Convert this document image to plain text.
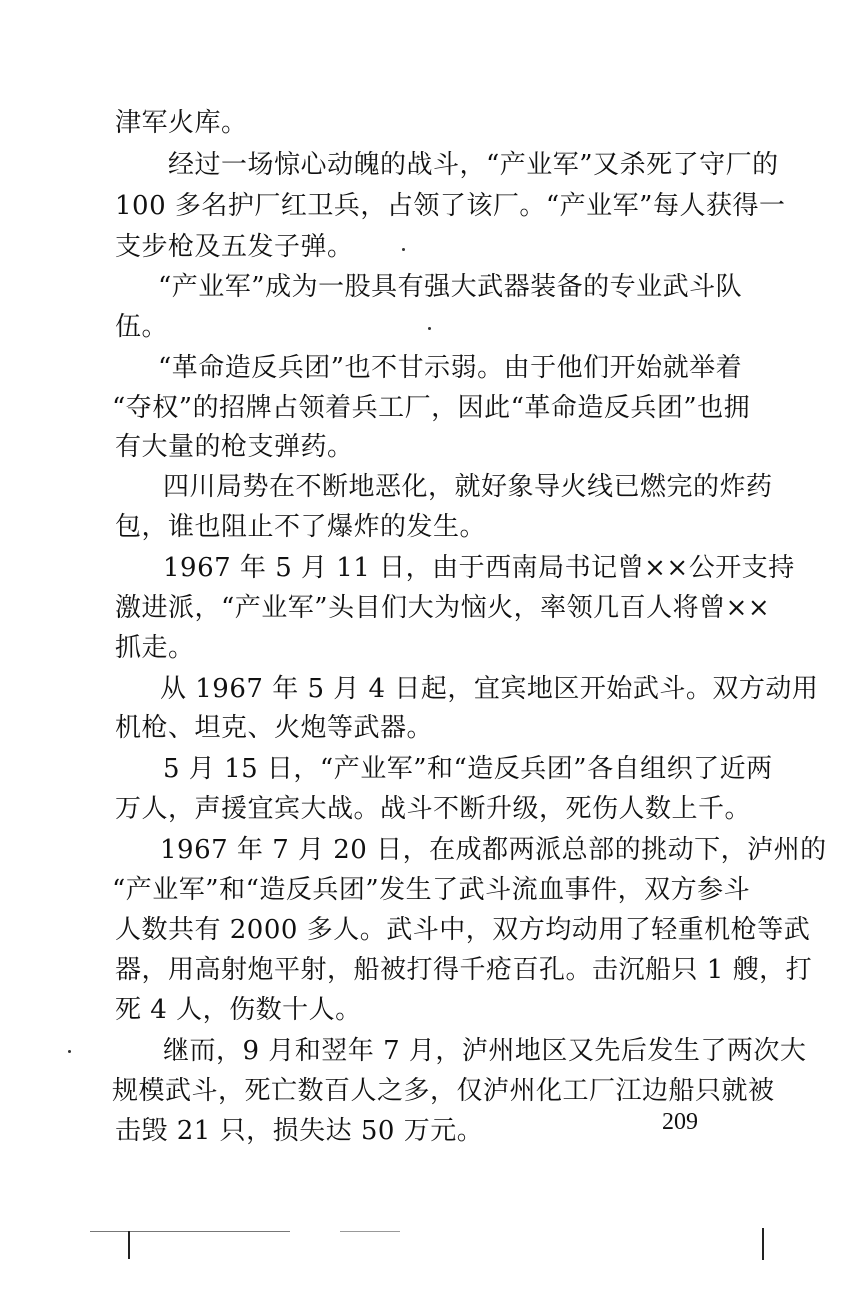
津军火库。
经过一场惊心动魄的战斗，“产业军”又杀死了守厂的
100 多名护厂红卫兵，占领了该厂。“产业军”每人获得一
支步枪及五发子弹。
“产业军”成为一股具有强大武器装备的专业武斗队
伍。
“革命造反兵团”也不甘示弱。由于他们开始就举着
“夺权”的招牌占领着兵工厂，因此“革命造反兵团”也拥
有大量的枪支弹药。
四川局势在不断地恶化，就好象导火线已燃完的炸药
包，谁也阻止不了爆炸的发生。
1967 年 5 月 11 日，由于西南局书记曾××公开支持
激进派，“产业军”头目们大为恼火，率领几百人将曾××
抓走。
从 1967 年 5 月 4 日起，宜宾地区开始武斗。双方动用
机枪、坦克、火炮等武器。
5 月 15 日，“产业军”和“造反兵团”各自组织了近两
万人，声援宜宾大战。战斗不断升级，死伤人数上千。
1967 年 7 月 20 日，在成都两派总部的挑动下，泸州的
“产业军”和“造反兵团”发生了武斗流血事件，双方参斗
人数共有 2000 多人。武斗中，双方均动用了轻重机枪等武
器，用高射炮平射，船被打得千疮百孔。击沉船只 1 艘，打
死 4 人，伤数十人。
继而，9 月和翌年 7 月，泸州地区又先后发生了两次大
规模武斗，死亡数百人之多，仅泸州化工厂江边船只就被
击毁 21 只，损失达 50 万元。	209
